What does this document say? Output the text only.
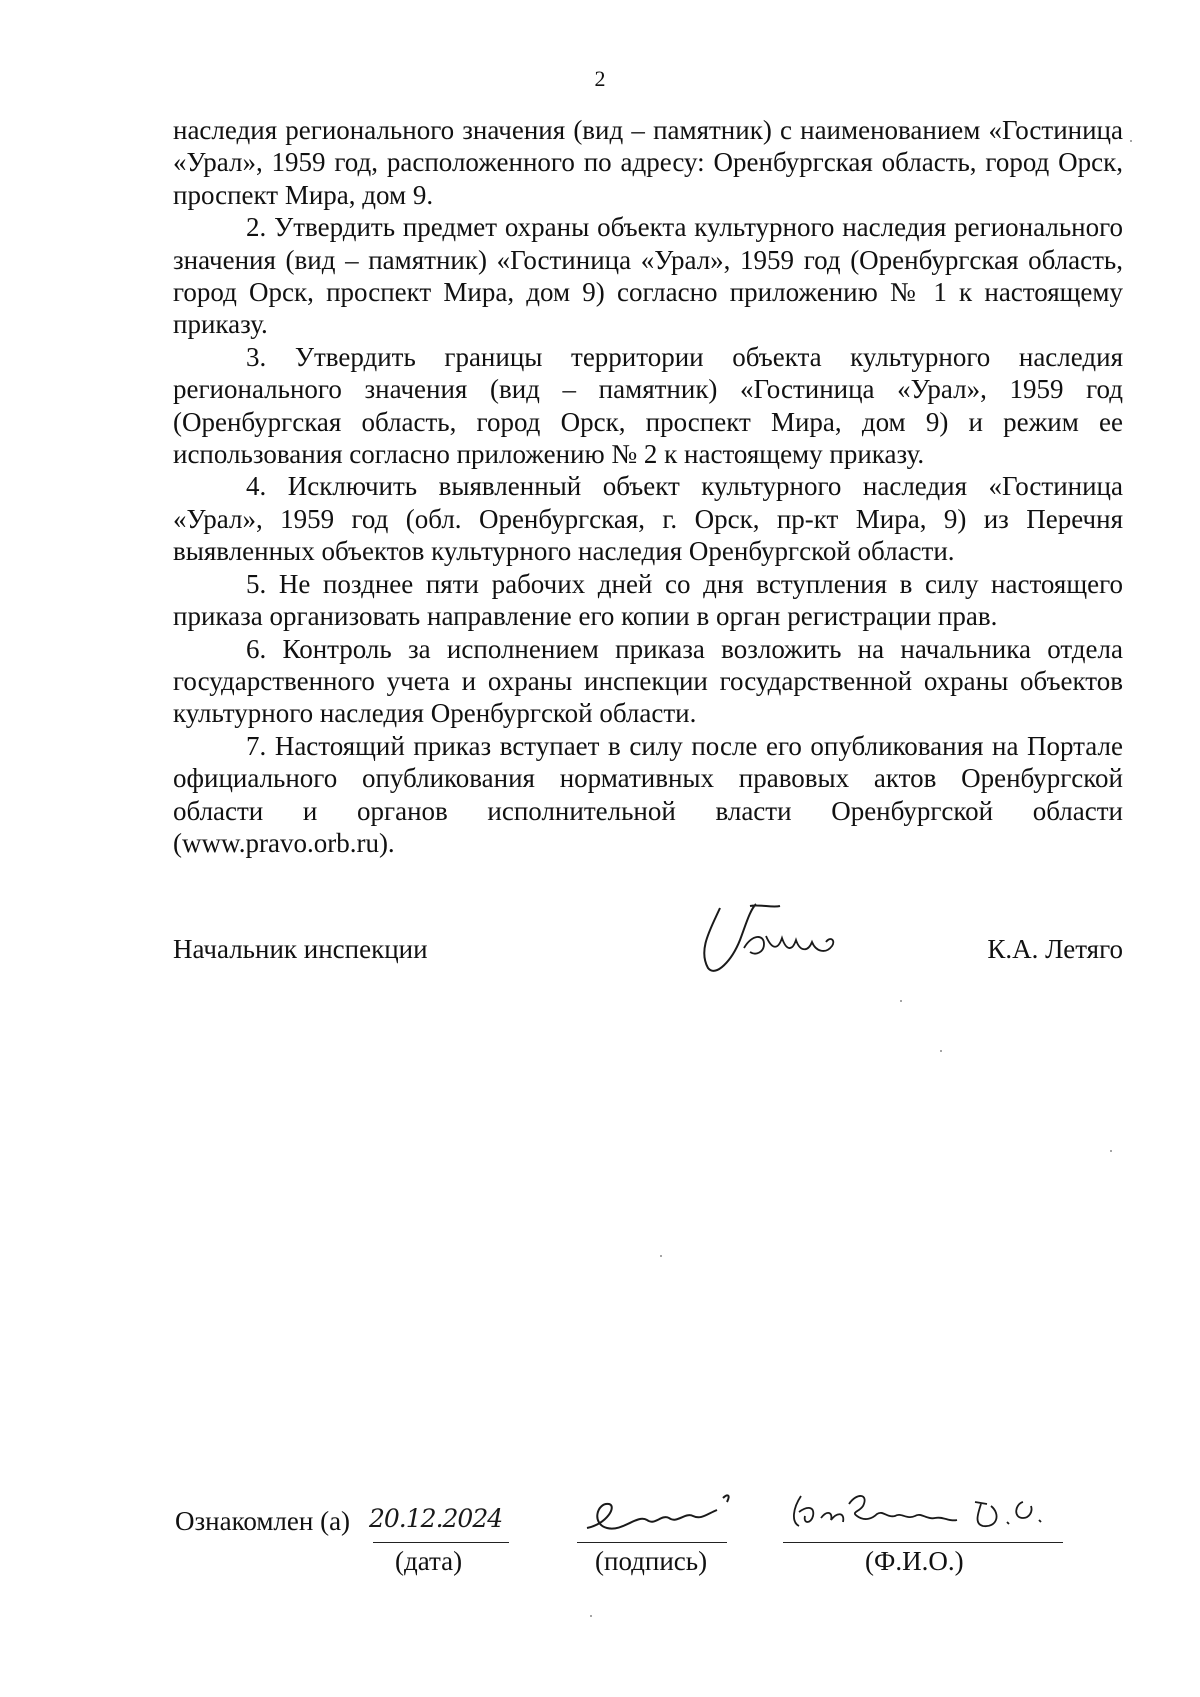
2

наследия регионального значения (вид – памятник) с наименованием «Гостиница «Урал», 1959 год, расположенного по адресу: Оренбургская область, город Орск, проспект Мира, дом 9.

2. Утвердить предмет охраны объекта культурного наследия регионального значения (вид – памятник) «Гостиница «Урал», 1959 год (Оренбургская область, город Орск, проспект Мира, дом 9) согласно приложению № 1 к настоящему приказу.

3. Утвердить границы территории объекта культурного наследия регионального значения (вид – памятник) «Гостиница «Урал», 1959 год (Оренбургская область, город Орск, проспект Мира, дом 9) и режим ее использования согласно приложению № 2 к настоящему приказу.

4. Исключить выявленный объект культурного наследия «Гостиница «Урал», 1959 год (обл. Оренбургская, г. Орск, пр-кт Мира, 9) из Перечня выявленных объектов культурного наследия Оренбургской области.

5. Не позднее пяти рабочих дней со дня вступления в силу настоящего приказа организовать направление его копии в орган регистрации прав.

6. Контроль за исполнением приказа возложить на начальника отдела государственного учета и охраны инспекции государственной охраны объектов культурного наследия Оренбургской области.

7. Настоящий приказ вступает в силу после его опубликования на Портале официального опубликования нормативных правовых актов Оренбургской области и органов исполнительной власти Оренбургской области (www.pravo.orb.ru).

Начальник инспекции	К.А. Летяго
Ознакомлен (а) 20.12.2024
(дата)	(подпись)	(Ф.И.О.)
